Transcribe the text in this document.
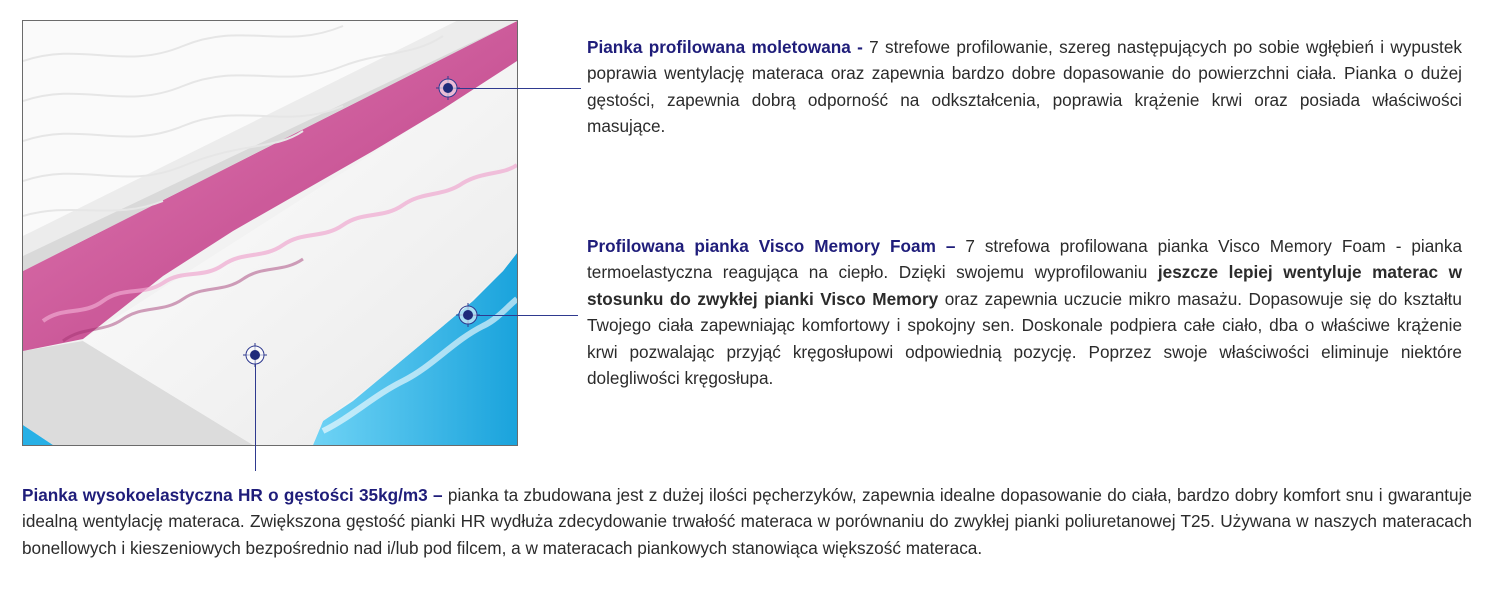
Pianka profilowana moletowana - 7 strefowe profilowanie, szereg następujących po sobie wgłębień i wypustek poprawia wentylację materaca oraz zapewnia bardzo dobre dopasowanie do powierzchni ciała. Pianka o dużej gęstości, zapewnia dobrą odporność na odkształcenia, poprawia krążenie krwi oraz posiada właściwości masujące.
Profilowana pianka Visco Memory Foam – 7 strefowa profilowana pianka Visco Memory Foam - pianka termoelastyczna reagująca na ciepło. Dzięki swojemu wyprofilowaniu jeszcze lepiej wentyluje materac w stosunku do zwykłej pianki Visco Memory oraz zapewnia uczucie mikro masażu. Dopasowuje się do kształtu Twojego ciała zapewniając komfortowy i spokojny sen. Doskonale podpiera całe ciało, dba o właściwe krążenie krwi pozwalając przyjąć kręgosłupowi odpowiednią pozycję. Poprzez swoje właściwości eliminuje niektóre dolegliwości kręgosłupa.
Pianka wysokoelastyczna HR o gęstości 35kg/m3 – pianka ta zbudowana jest z dużej ilości pęcherzyków, zapewnia idealne dopasowanie do ciała, bardzo dobry komfort snu i gwarantuje idealną wentylację materaca. Zwiększona gęstość pianki HR wydłuża zdecydowanie trwałość materaca w porównaniu do zwykłej pianki poliuretanowej T25. Używana w naszych materacach bonellowych i kieszeniowych bezpośrednio nad i/lub pod filcem, a w materacach piankowych stanowiąca większość materaca.
